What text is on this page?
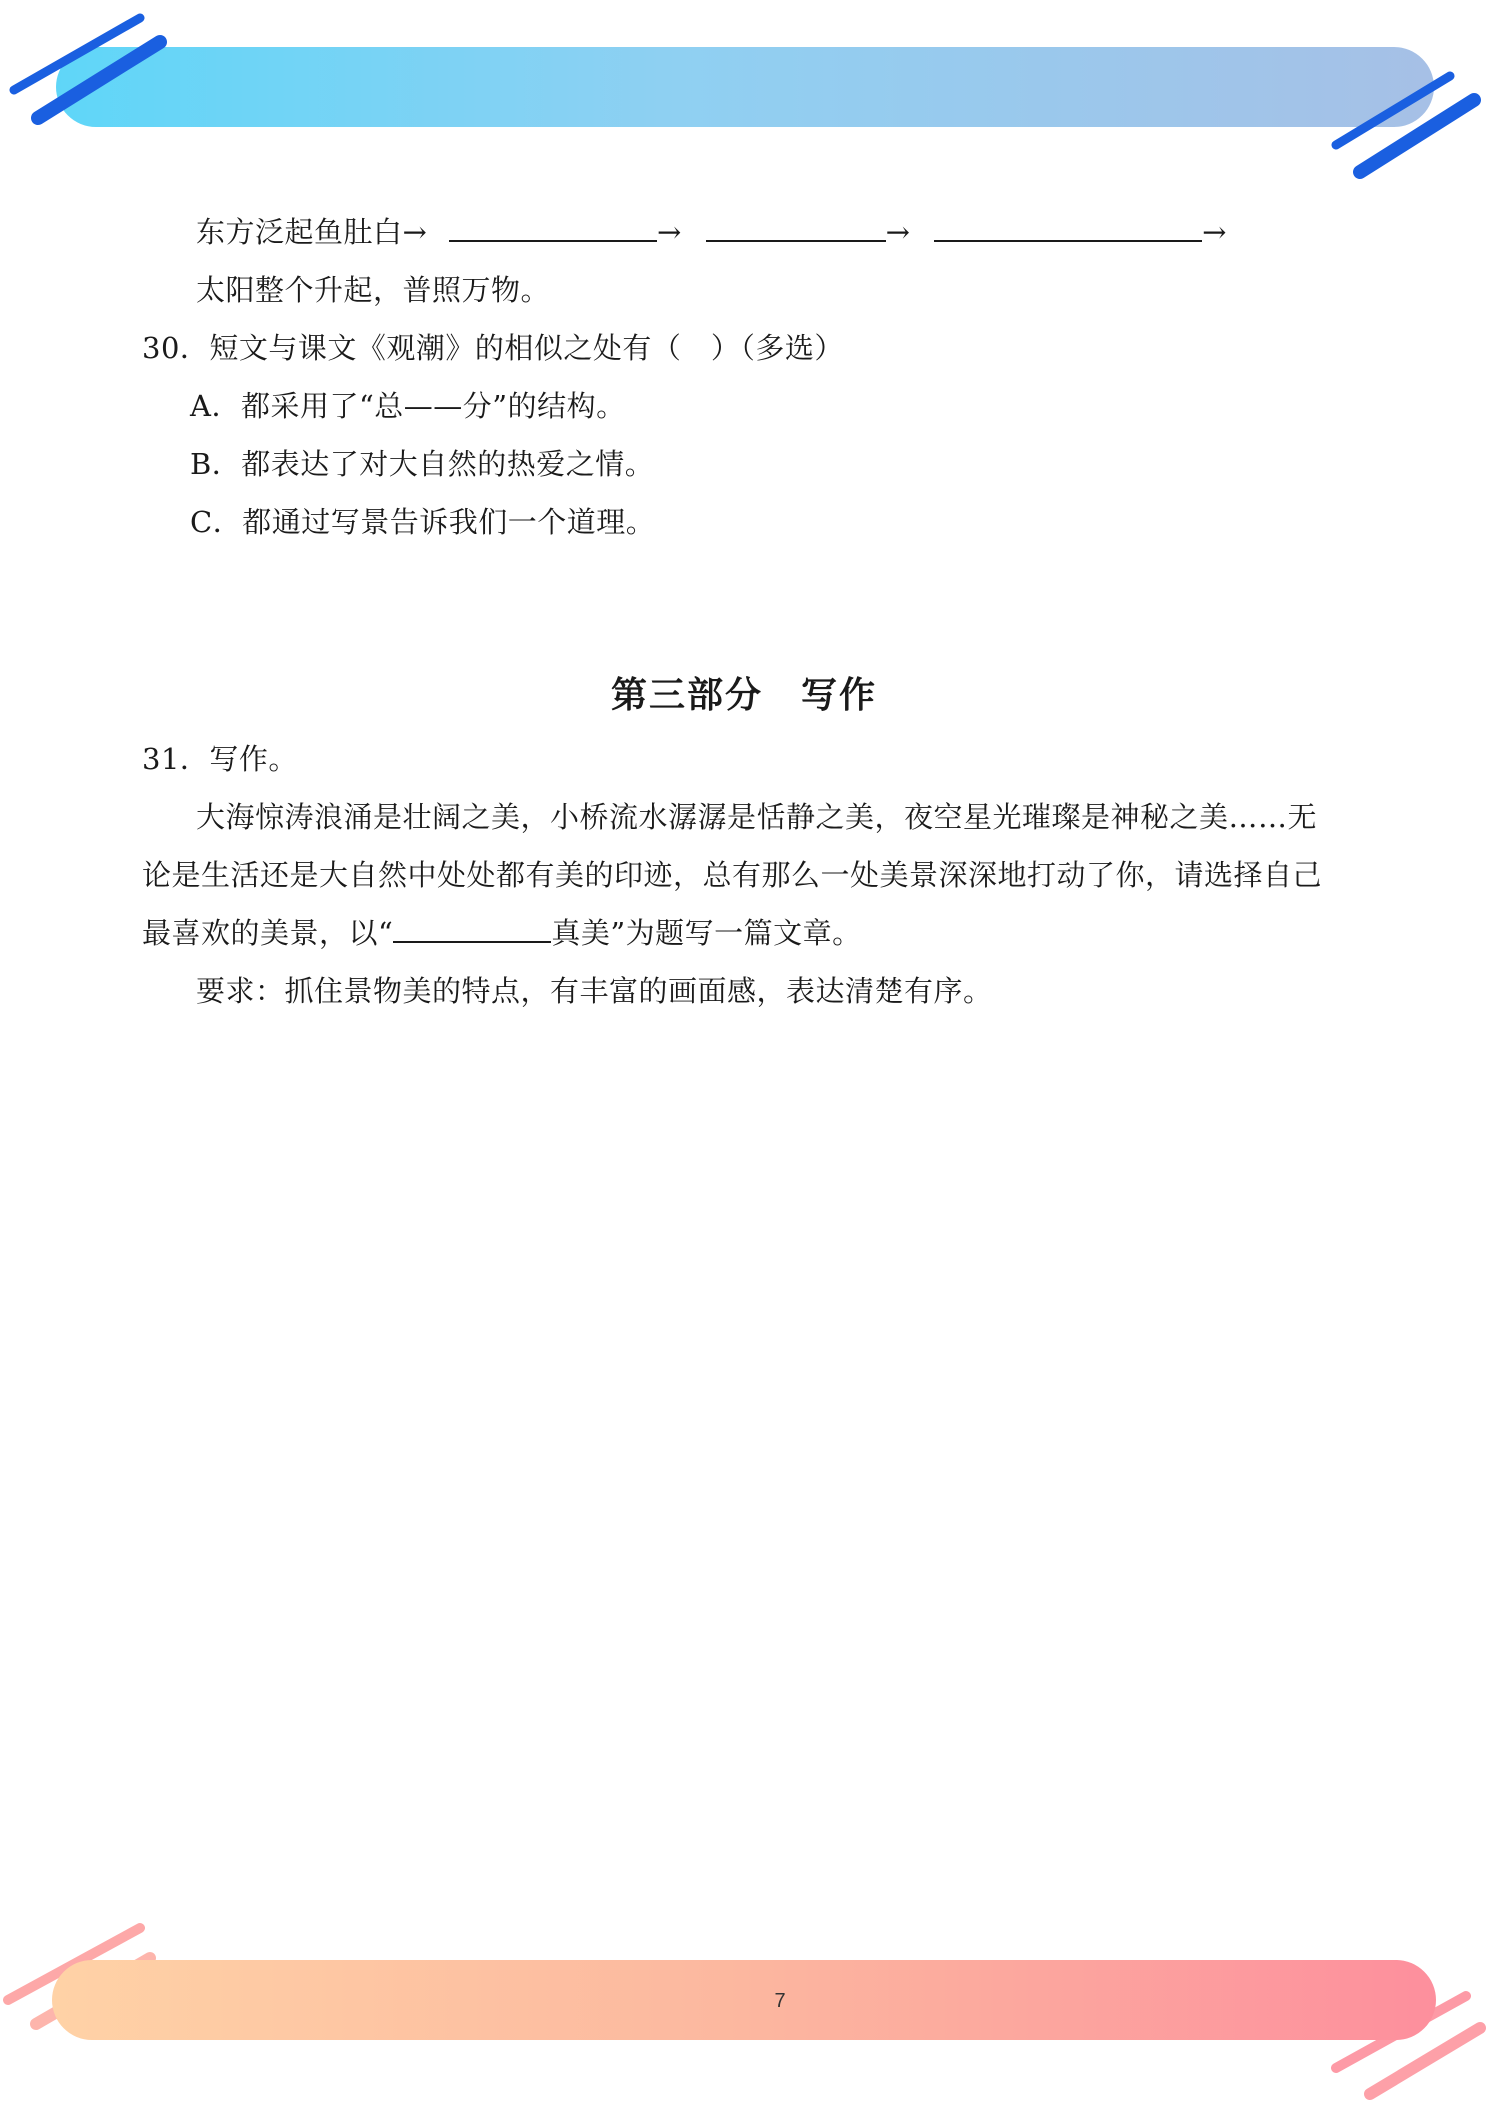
东方泛起鱼肚白→	→	→	→
太阳整个升起，普照万物。
30．短文与课文《观潮》的相似之处有（　）（多选）
A．都采用了“总——分”的结构。
B．都表达了对大自然的热爱之情。
C．都通过写景告诉我们一个道理。
第三部分　写作
31．写作。
大海惊涛浪涌是壮阔之美，小桥流水潺潺是恬静之美，夜空星光璀璨是神秘之美……无
论是生活还是大自然中处处都有美的印迹，总有那么一处美景深深地打动了你，请选择自己
最喜欢的美景，以“	真美”为题写一篇文章。
要求：抓住景物美的特点，有丰富的画面感，表达清楚有序。
7
